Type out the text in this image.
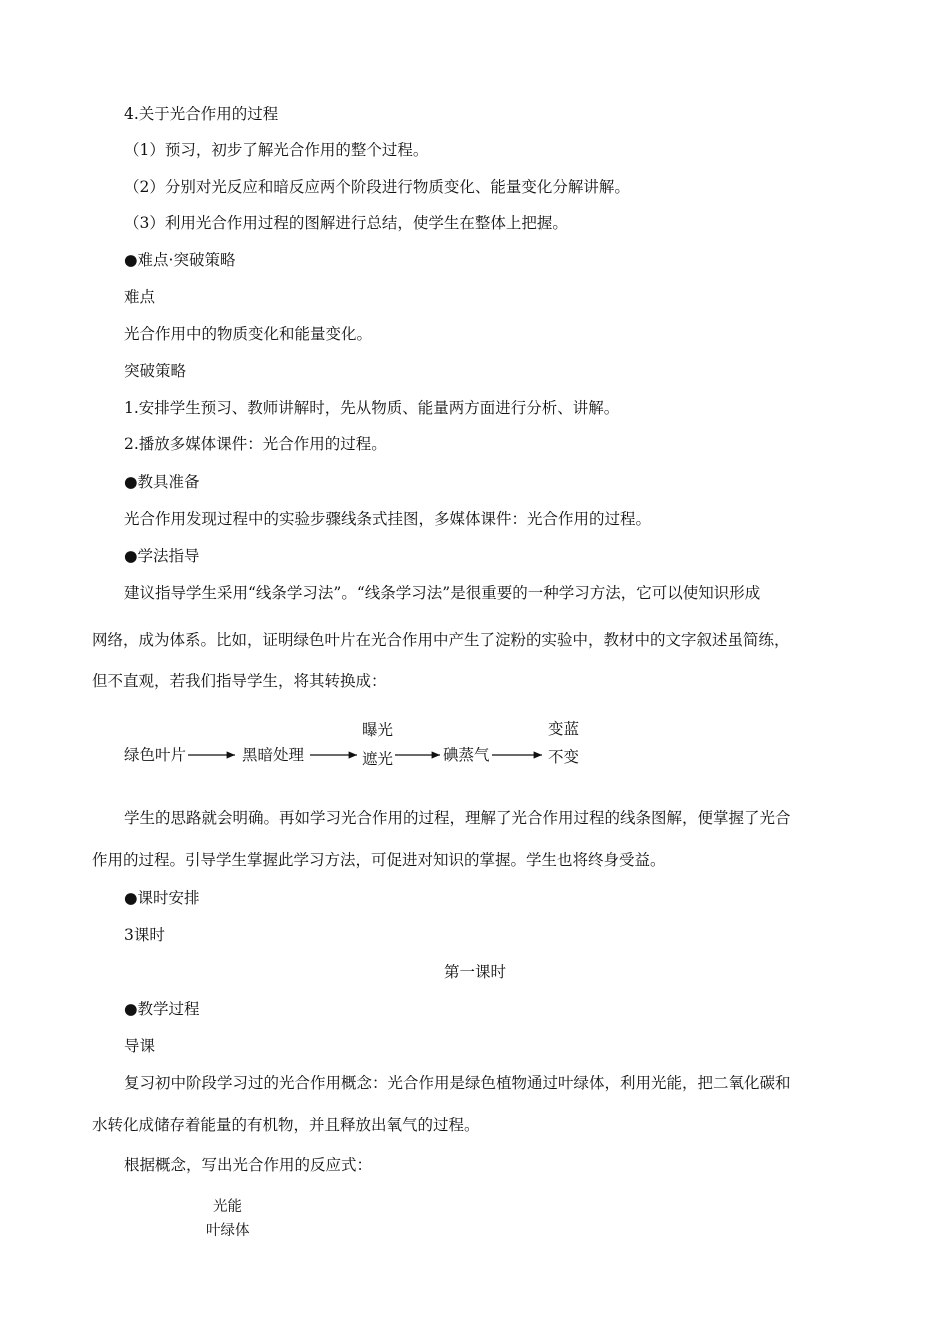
4.关于光合作用的过程
（1）预习，初步了解光合作用的整个过程。
（2）分别对光反应和暗反应两个阶段进行物质变化、能量变化分解讲解。
（3）利用光合作用过程的图解进行总结，使学生在整体上把握。
●难点·突破策略
难点
光合作用中的物质变化和能量变化。
突破策略
1.安排学生预习、教师讲解时，先从物质、能量两方面进行分析、讲解。
2.播放多媒体课件：光合作用的过程。
●教具准备
光合作用发现过程中的实验步骤线条式挂图，多媒体课件：光合作用的过程。
●学法指导
建议指导学生采用“线条学习法”。“线条学习法”是很重要的一种学习方法，它可以使知识形成
网络，成为体系。比如，证明绿色叶片在光合作用中产生了淀粉的实验中，教材中的文字叙述虽简练，
但不直观，若我们指导学生，将其转换成：
绿色叶片	黑暗处理
曝光
遮光	碘蒸气
变蓝
不变
学生的思路就会明确。再如学习光合作用的过程，理解了光合作用过程的线条图解，便掌握了光合
作用的过程。引导学生掌握此学习方法，可促进对知识的掌握。学生也将终身受益。
●课时安排
3课时
第一课时
●教学过程
导课
复习初中阶段学习过的光合作用概念：光合作用是绿色植物通过叶绿体，利用光能，把二氧化碳和
水转化成储存着能量的有机物，并且释放出氧气的过程。
根据概念，写出光合作用的反应式：
光能
叶绿体
